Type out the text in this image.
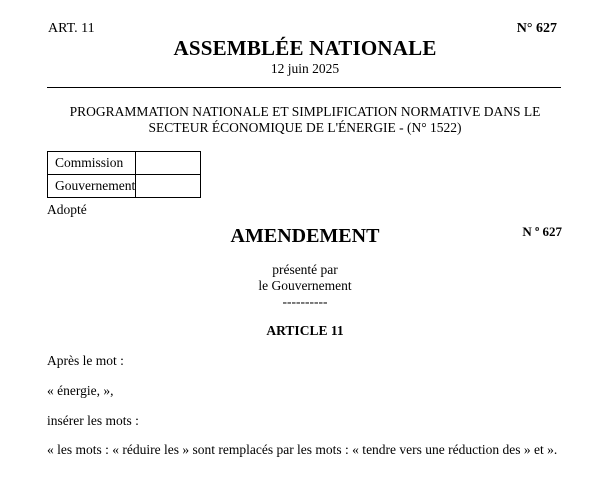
ART. 11	N° 627
ASSEMBLÉE NATIONALE
12 juin 2025
PROGRAMMATION NATIONALE ET SIMPLIFICATION NORMATIVE DANS LE SECTEUR ÉCONOMIQUE DE L'ÉNERGIE - (N° 1522)
Commission	
Gouvernement	
Adopté
AMENDEMENT	N º 627
présenté par
le Gouvernement
----------
ARTICLE 11
Après le mot :
« énergie, »,
insérer les mots :
« les mots : « réduire les » sont remplacés par les mots : « tendre vers une réduction des » et ».
